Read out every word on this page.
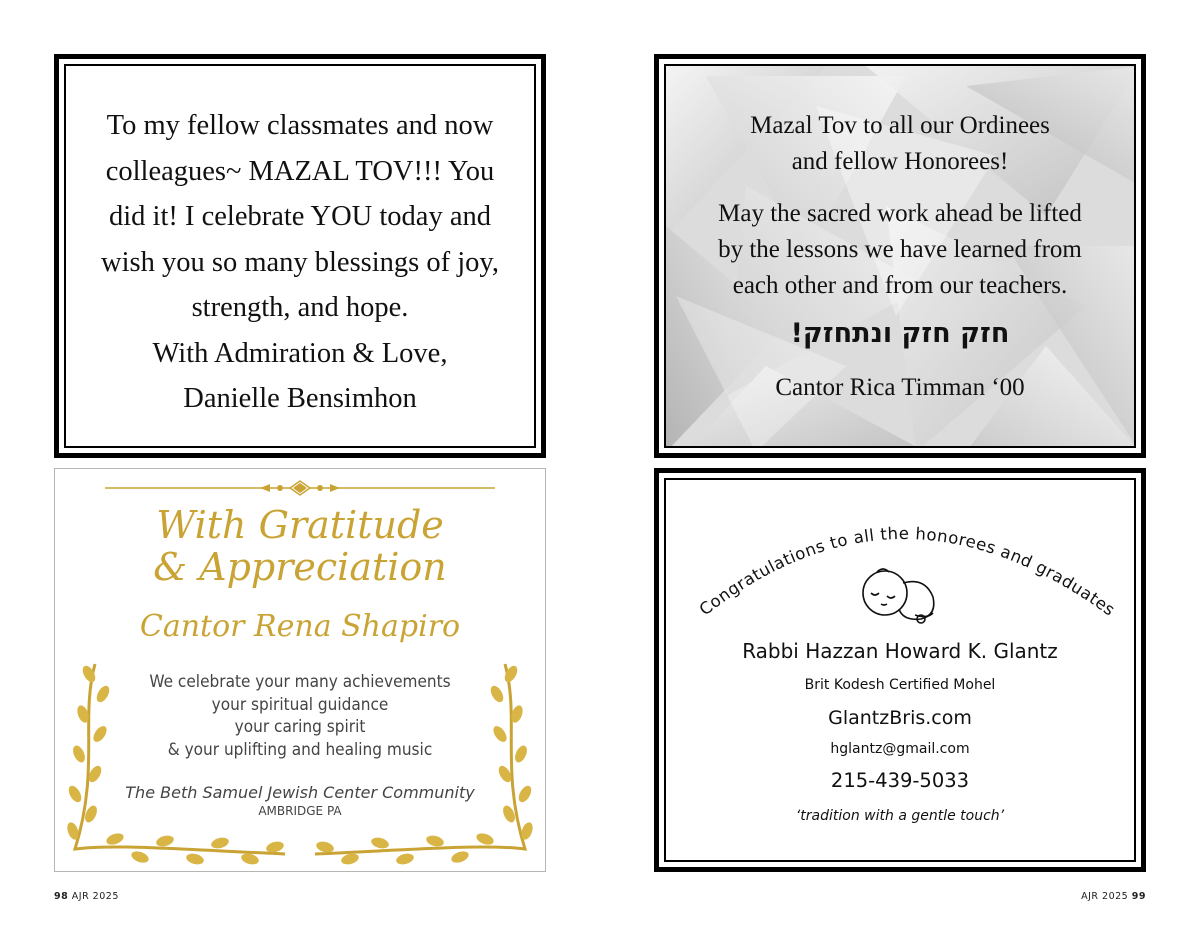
To my fellow classmates and now
colleagues~ MAZAL TOV!!! You
did it! I celebrate YOU today and
wish you so many blessings of joy,
strength, and hope.
With Admiration & Love,
Danielle Bensimhon
Mazal Tov to all our Ordinees
and fellow Honorees!
May the sacred work ahead be lifted
by the lessons we have learned from
each other and from our teachers.
חזק חזק ונתחזק!
Cantor Rica Timman ‘00
With Gratitude
& Appreciation
Cantor Rena Shapiro
We celebrate your many achievements
your spiritual guidance
your caring spirit
& your uplifting and healing music
The Beth Samuel Jewish Center Community
AMBRIDGE PA
Congratulations to all the honorees and graduates
Rabbi Hazzan Howard K. Glantz
Brit Kodesh Certified Mohel
GlantzBris.com
hglantz@gmail.com
215-439-5033
‘tradition with a gentle touch’
98 AJR 2025	AJR 2025 99
